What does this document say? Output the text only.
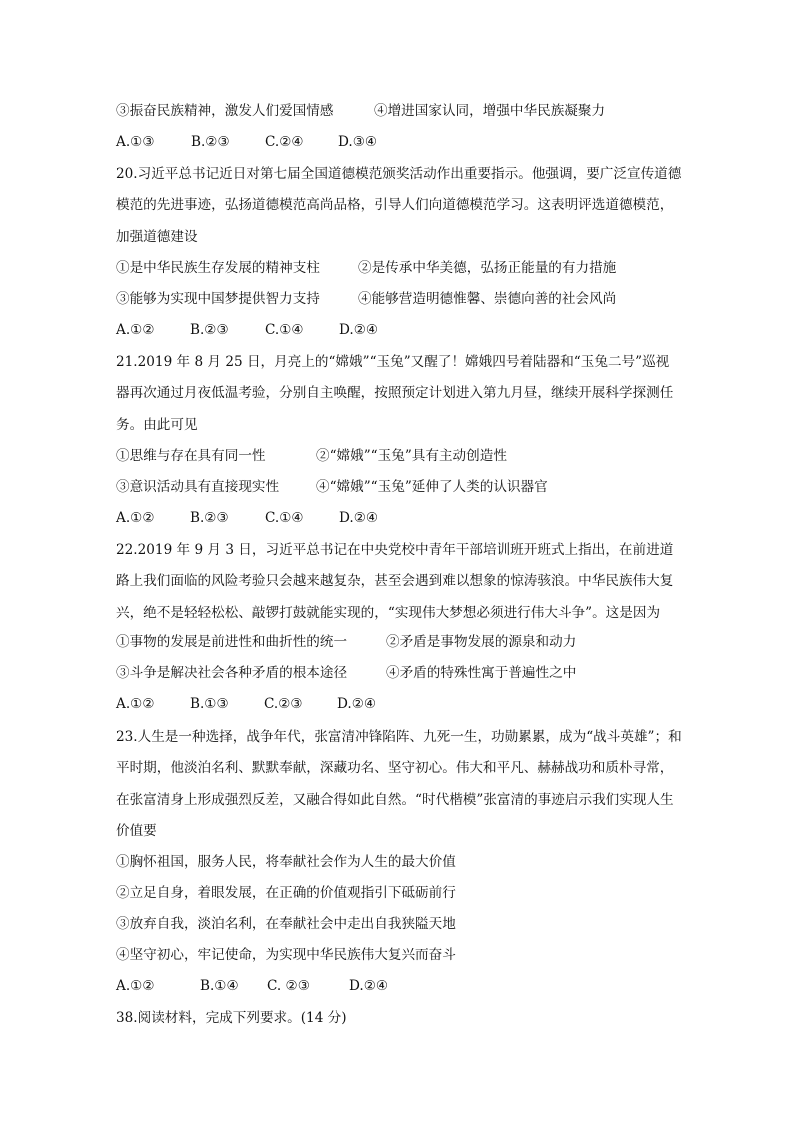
③振奋民族精神，激发人们爱国情感	④增进国家认同，增强中华民族凝聚力
A.①③	B.②③	C.②④	D.③④
20.习近平总书记近日对第七届全国道德模范颁奖活动作出重要指示。他强调，要广泛宣传道德模范的先进事迹，弘扬道德模范高尚品格，引导人们向道德模范学习。这表明评选道德模范，加强道德建设
①是中华民族生存发展的精神支柱	②是传承中华美德，弘扬正能量的有力措施
③能够为实现中国梦提供智力支持	④能够营造明德惟馨、崇德向善的社会风尚
A.①②	B.②③	C.①④	D.②④
21.2019 年 8 月 25 日，月亮上的“嫦娥”“玉兔”又醒了！嫦娥四号着陆器和“玉兔二号”巡视器再次通过月夜低温考验，分别自主唤醒，按照预定计划进入第九月昼，继续开展科学探测任务。由此可见
①思维与存在具有同一性	②“嫦娥”“玉兔”具有主动创造性
③意识活动具有直接现实性	④“嫦娥”“玉兔”延伸了人类的认识器官
A.①②	B.②③	C.①④	D.②④
22.2019 年 9 月 3 日，习近平总书记在中央党校中青年干部培训班开班式上指出，在前进道路上我们面临的风险考验只会越来越复杂，甚至会遇到难以想象的惊涛骇浪。中华民族伟大复兴，绝不是轻轻松松、敲锣打鼓就能实现的，“实现伟大梦想必须进行伟大斗争”。这是因为
①事物的发展是前进性和曲折性的统一	②矛盾是事物发展的源泉和动力
③斗争是解决社会各种矛盾的根本途径	④矛盾的特殊性寓于普遍性之中
A.①②	B.①③	C.②③	D.②④
23.人生是一种选择，战争年代，张富清冲锋陷阵、九死一生，功勋累累，成为“战斗英雄”；和平时期，他淡泊名利、默默奉献，深藏功名、坚守初心。伟大和平凡、赫赫战功和质朴寻常，在张富清身上形成强烈反差，又融合得如此自然。“时代楷模”张富清的事迹启示我们实现人生价值要
①胸怀祖国，服务人民，将奉献社会作为人生的最大价值
②立足自身，着眼发展，在正确的价值观指引下砥砺前行
③放弃自我，淡泊名利，在奉献社会中走出自我狭隘天地
④坚守初心，牢记使命，为实现中华民族伟大复兴而奋斗
A.①②	B.①④ C. ②③	D.②④
38.阅读材料，完成下列要求。(14 分)
